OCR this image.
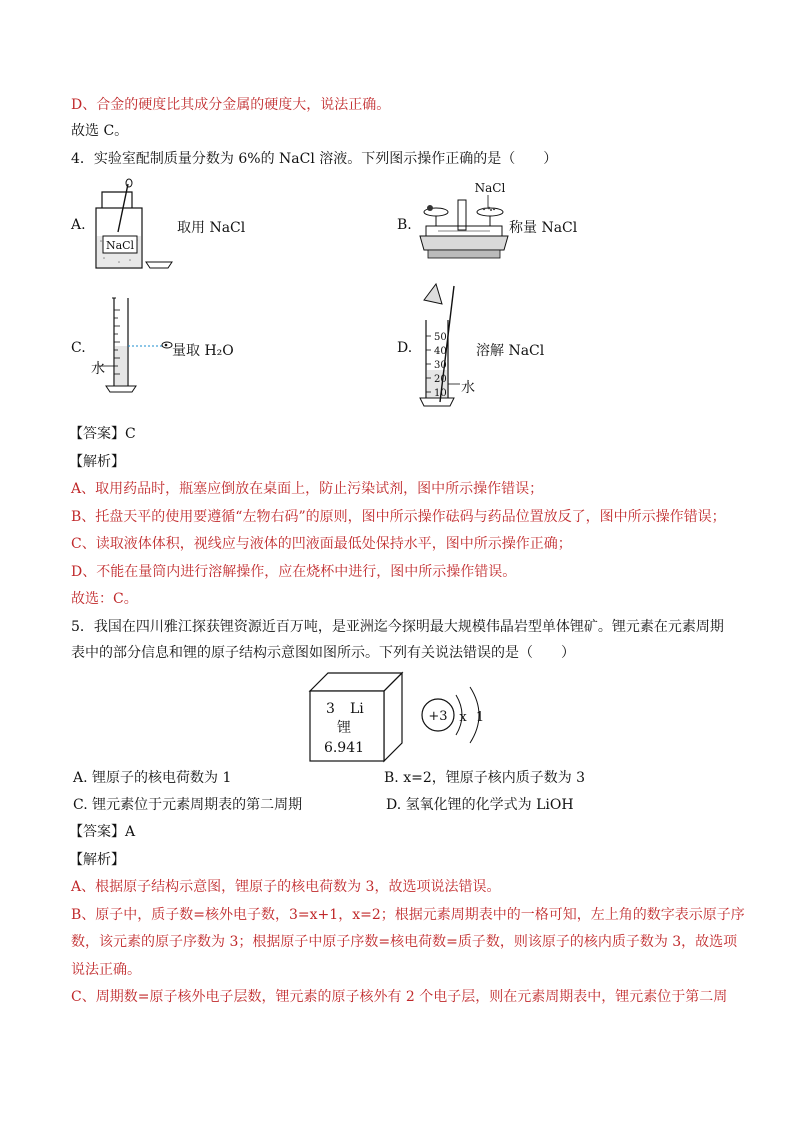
D、合金的硬度比其成分金属的硬度大，说法正确。
故选 C。
4．实验室配制质量分数为 6%的 NaCl 溶液。下列图示操作正确的是（　　）
A.
NaCl
取用 NaCl	B.
NaCl
称量 NaCl
C.
水
量取 H₂O	D.
50
40
30
20
10 水
溶解 NaCl
【答案】C
【解析】
A、取用药品时，瓶塞应倒放在桌面上，防止污染试剂，图中所示操作错误；
B、托盘天平的使用要遵循“左物右码”的原则，图中所示操作砝码与药品位置放反了，图中所示操作错误；
C、读取液体体积，视线应与液体的凹液面最低处保持水平，图中所示操作正确；
D、不能在量筒内进行溶解操作，应在烧杯中进行，图中所示操作错误。
故选：C。
5．我国在四川雅江探获锂资源近百万吨，是亚洲迄今探明最大规模伟晶岩型单体锂矿。锂元素在元素周期
表中的部分信息和锂的原子结构示意图如图所示。下列有关说法错误的是（　　）
3 Li
锂
6.941
+3 x 1
A. 锂原子的核电荷数为 1	B. x=2，锂原子核内质子数为 3
C. 锂元素位于元素周期表的第二周期	D. 氢氧化锂的化学式为 LiOH
【答案】A
【解析】
A、根据原子结构示意图，锂原子的核电荷数为 3，故选项说法错误。
B、原子中，质子数=核外电子数，3=x+1，x=2；根据元素周期表中的一格可知，左上角的数字表示原子序
数，该元素的原子序数为 3；根据原子中原子序数=核电荷数=质子数，则该原子的核内质子数为 3，故选项
说法正确。
C、周期数=原子核外电子层数，锂元素的原子核外有 2 个电子层，则在元素周期表中，锂元素位于第二周
